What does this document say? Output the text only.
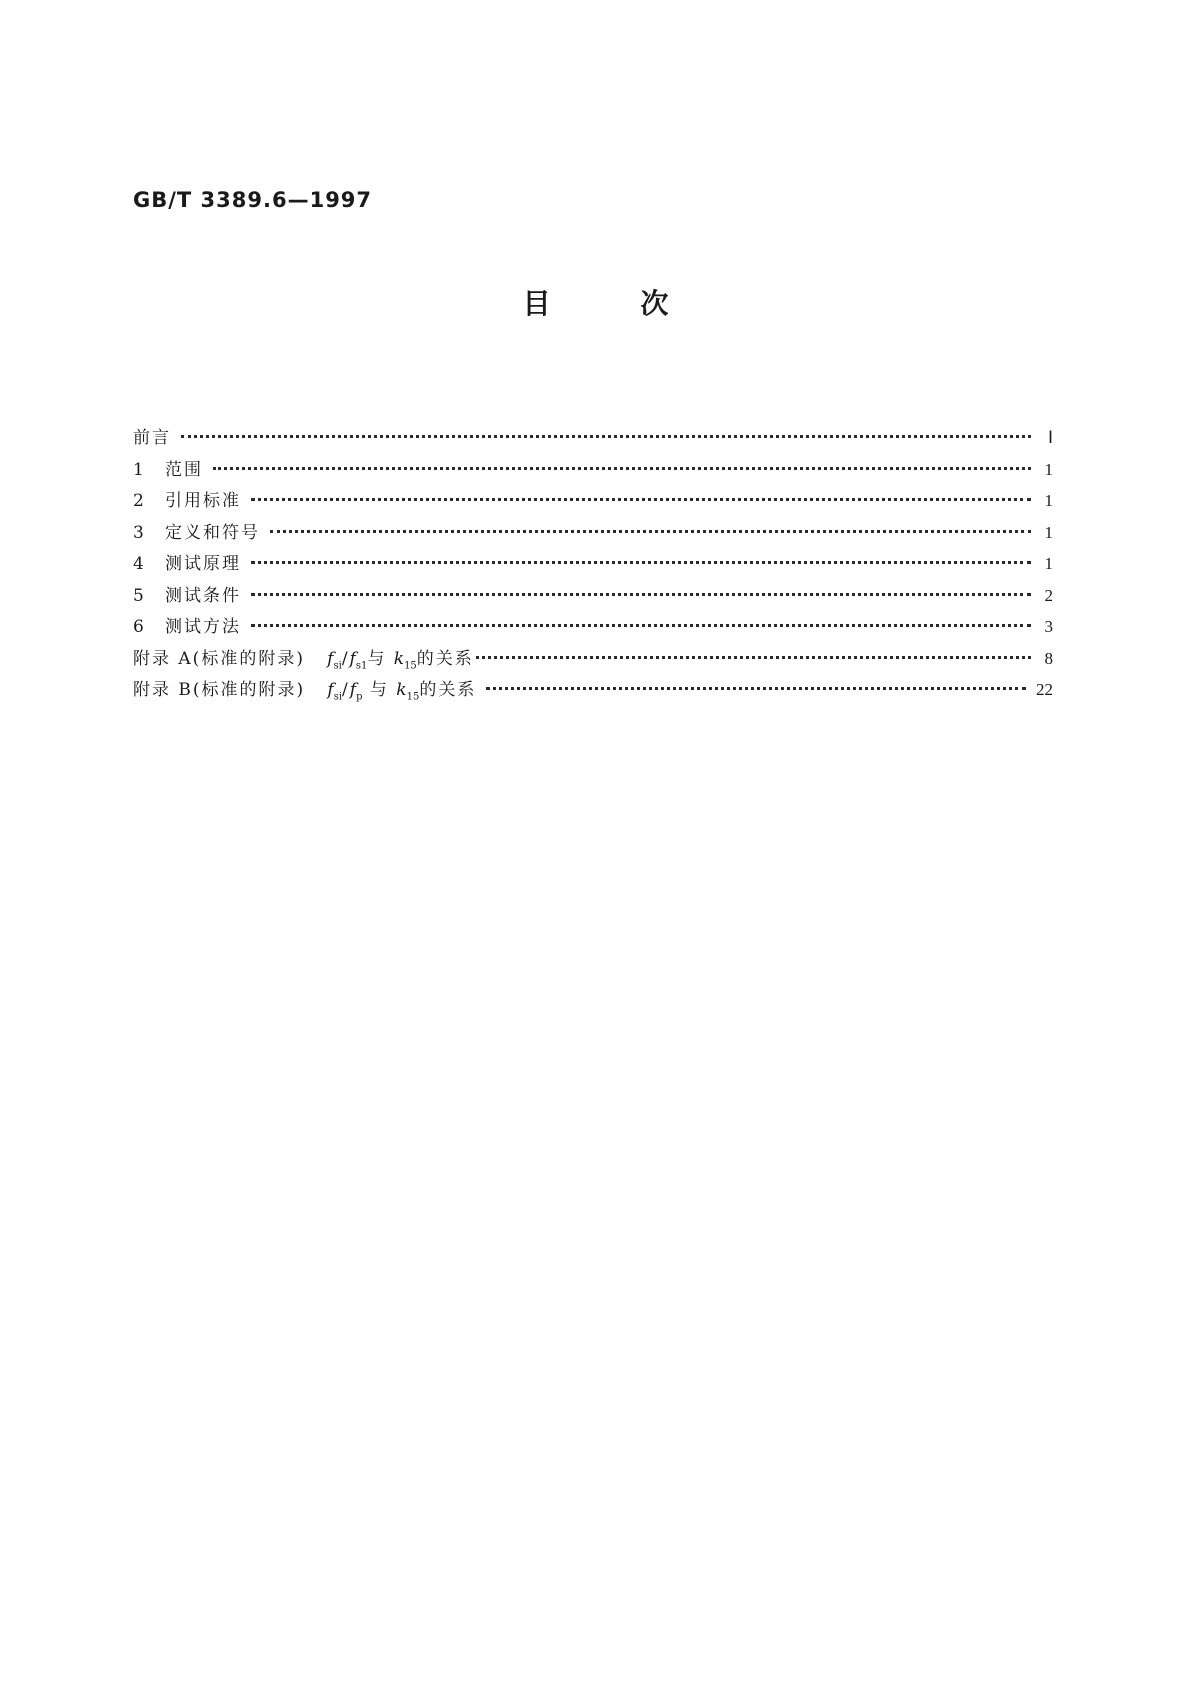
GB/T 3389.6—1997
目 次
前言	Ⅰ
1	范围	1
2	引用标准	1
3	定义和符号	1
4	测试原理	1
5	测试条件	2
6	测试方法	3
附录 A(标准的附录) $f_{si}/f_{s1}$与 $k_{15}$的关系	8
附录 B(标准的附录) $f_{si}/f_p$ 与 $k_{15}$的关系	22
